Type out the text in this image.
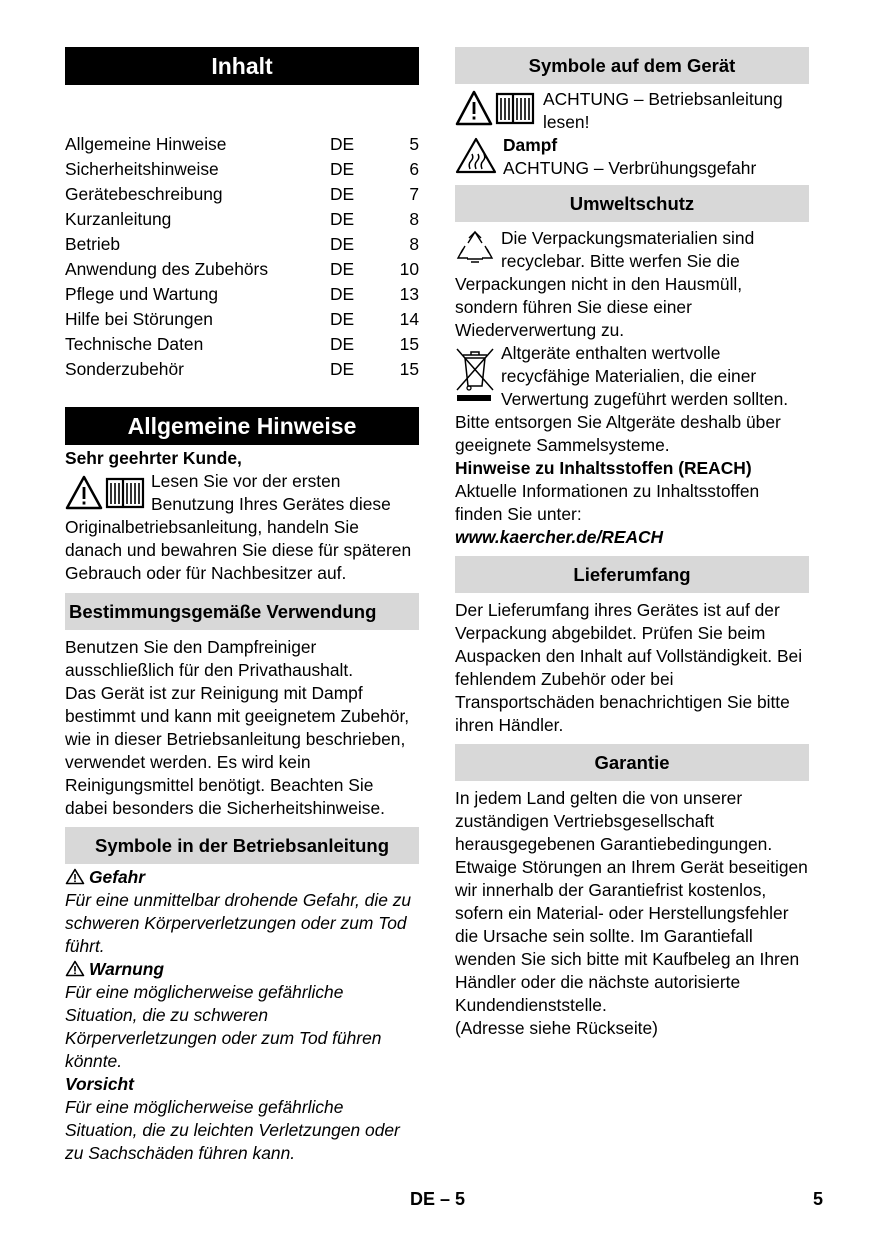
Inhalt
Allgemeine Hinweise	DE	5
Sicherheitshinweise	DE	6
Gerätebeschreibung	DE	7
Kurzanleitung	DE	8
Betrieb	DE	8
Anwendung des Zubehörs	DE	10
Pflege und Wartung	DE	13
Hilfe bei Störungen	DE	14
Technische Daten	DE	15
Sonderzubehör	DE	15
Allgemeine Hinweise

Sehr geehrter Kunde,

Lesen Sie vor der ersten Benutzung Ihres Gerätes diese Originalbetriebsanleitung, handeln Sie danach und bewahren Sie diese für späteren Gebrauch oder für Nachbesitzer auf.

Bestimmungsgemäße Verwendung

Benutzen Sie den Dampfreiniger ausschließlich für den Privathaushalt.

Das Gerät ist zur Reinigung mit Dampf bestimmt und kann mit geeignetem Zubehör, wie in dieser Betriebsanleitung beschrieben, verwendet werden. Es wird kein Reinigungsmittel benötigt. Beachten Sie dabei besonders die Sicherheitshinweise.

Symbole in der Betriebsanleitung

Gefahr

Für eine unmittelbar drohende Gefahr, die zu schweren Körperverletzungen oder zum Tod führt.

Warnung

Für eine möglicherweise gefährliche Situation, die zu schweren Körperverletzungen oder zum Tod führen könnte.

Vorsicht

Für eine möglicherweise gefährliche Situation, die zu leichten Verletzungen oder zu Sachschäden führen kann.

Symbole auf dem Gerät

ACHTUNG – Betriebsanleitung lesen!

Dampf

ACHTUNG – Verbrühungsgefahr

Umweltschutz

Die Verpackungsmaterialien sind recyclebar. Bitte werfen Sie die Verpackungen nicht in den Hausmüll, sondern führen Sie diese einer Wiederverwertung zu.

Altgeräte enthalten wertvolle recycfähige Materialien, die einer Verwertung zugeführt werden sollten. Bitte entsorgen Sie Altgeräte deshalb über geeignete Sammelsysteme.

Hinweise zu Inhaltsstoffen (REACH)

Aktuelle Informationen zu Inhaltsstoffen finden Sie unter:

www.kaercher.de/REACH

Lieferumfang

Der Lieferumfang ihres Gerätes ist auf der Verpackung abgebildet. Prüfen Sie beim Auspacken den Inhalt auf Vollständigkeit. Bei fehlendem Zubehör oder bei Transportschäden benachrichtigen Sie bitte ihren Händler.

Garantie

In jedem Land gelten die von unserer zuständigen Vertriebsgesellschaft herausgegebenen Garantiebedingungen. Etwaige Störungen an Ihrem Gerät beseitigen wir innerhalb der Garantiefrist kostenlos, sofern ein Material- oder Herstellungsfehler die Ursache sein sollte. Im Garantiefall wenden Sie sich bitte mit Kaufbeleg an Ihren Händler oder die nächste autorisierte Kundendienststelle.

(Adresse siehe Rückseite)

DE – 5	5
